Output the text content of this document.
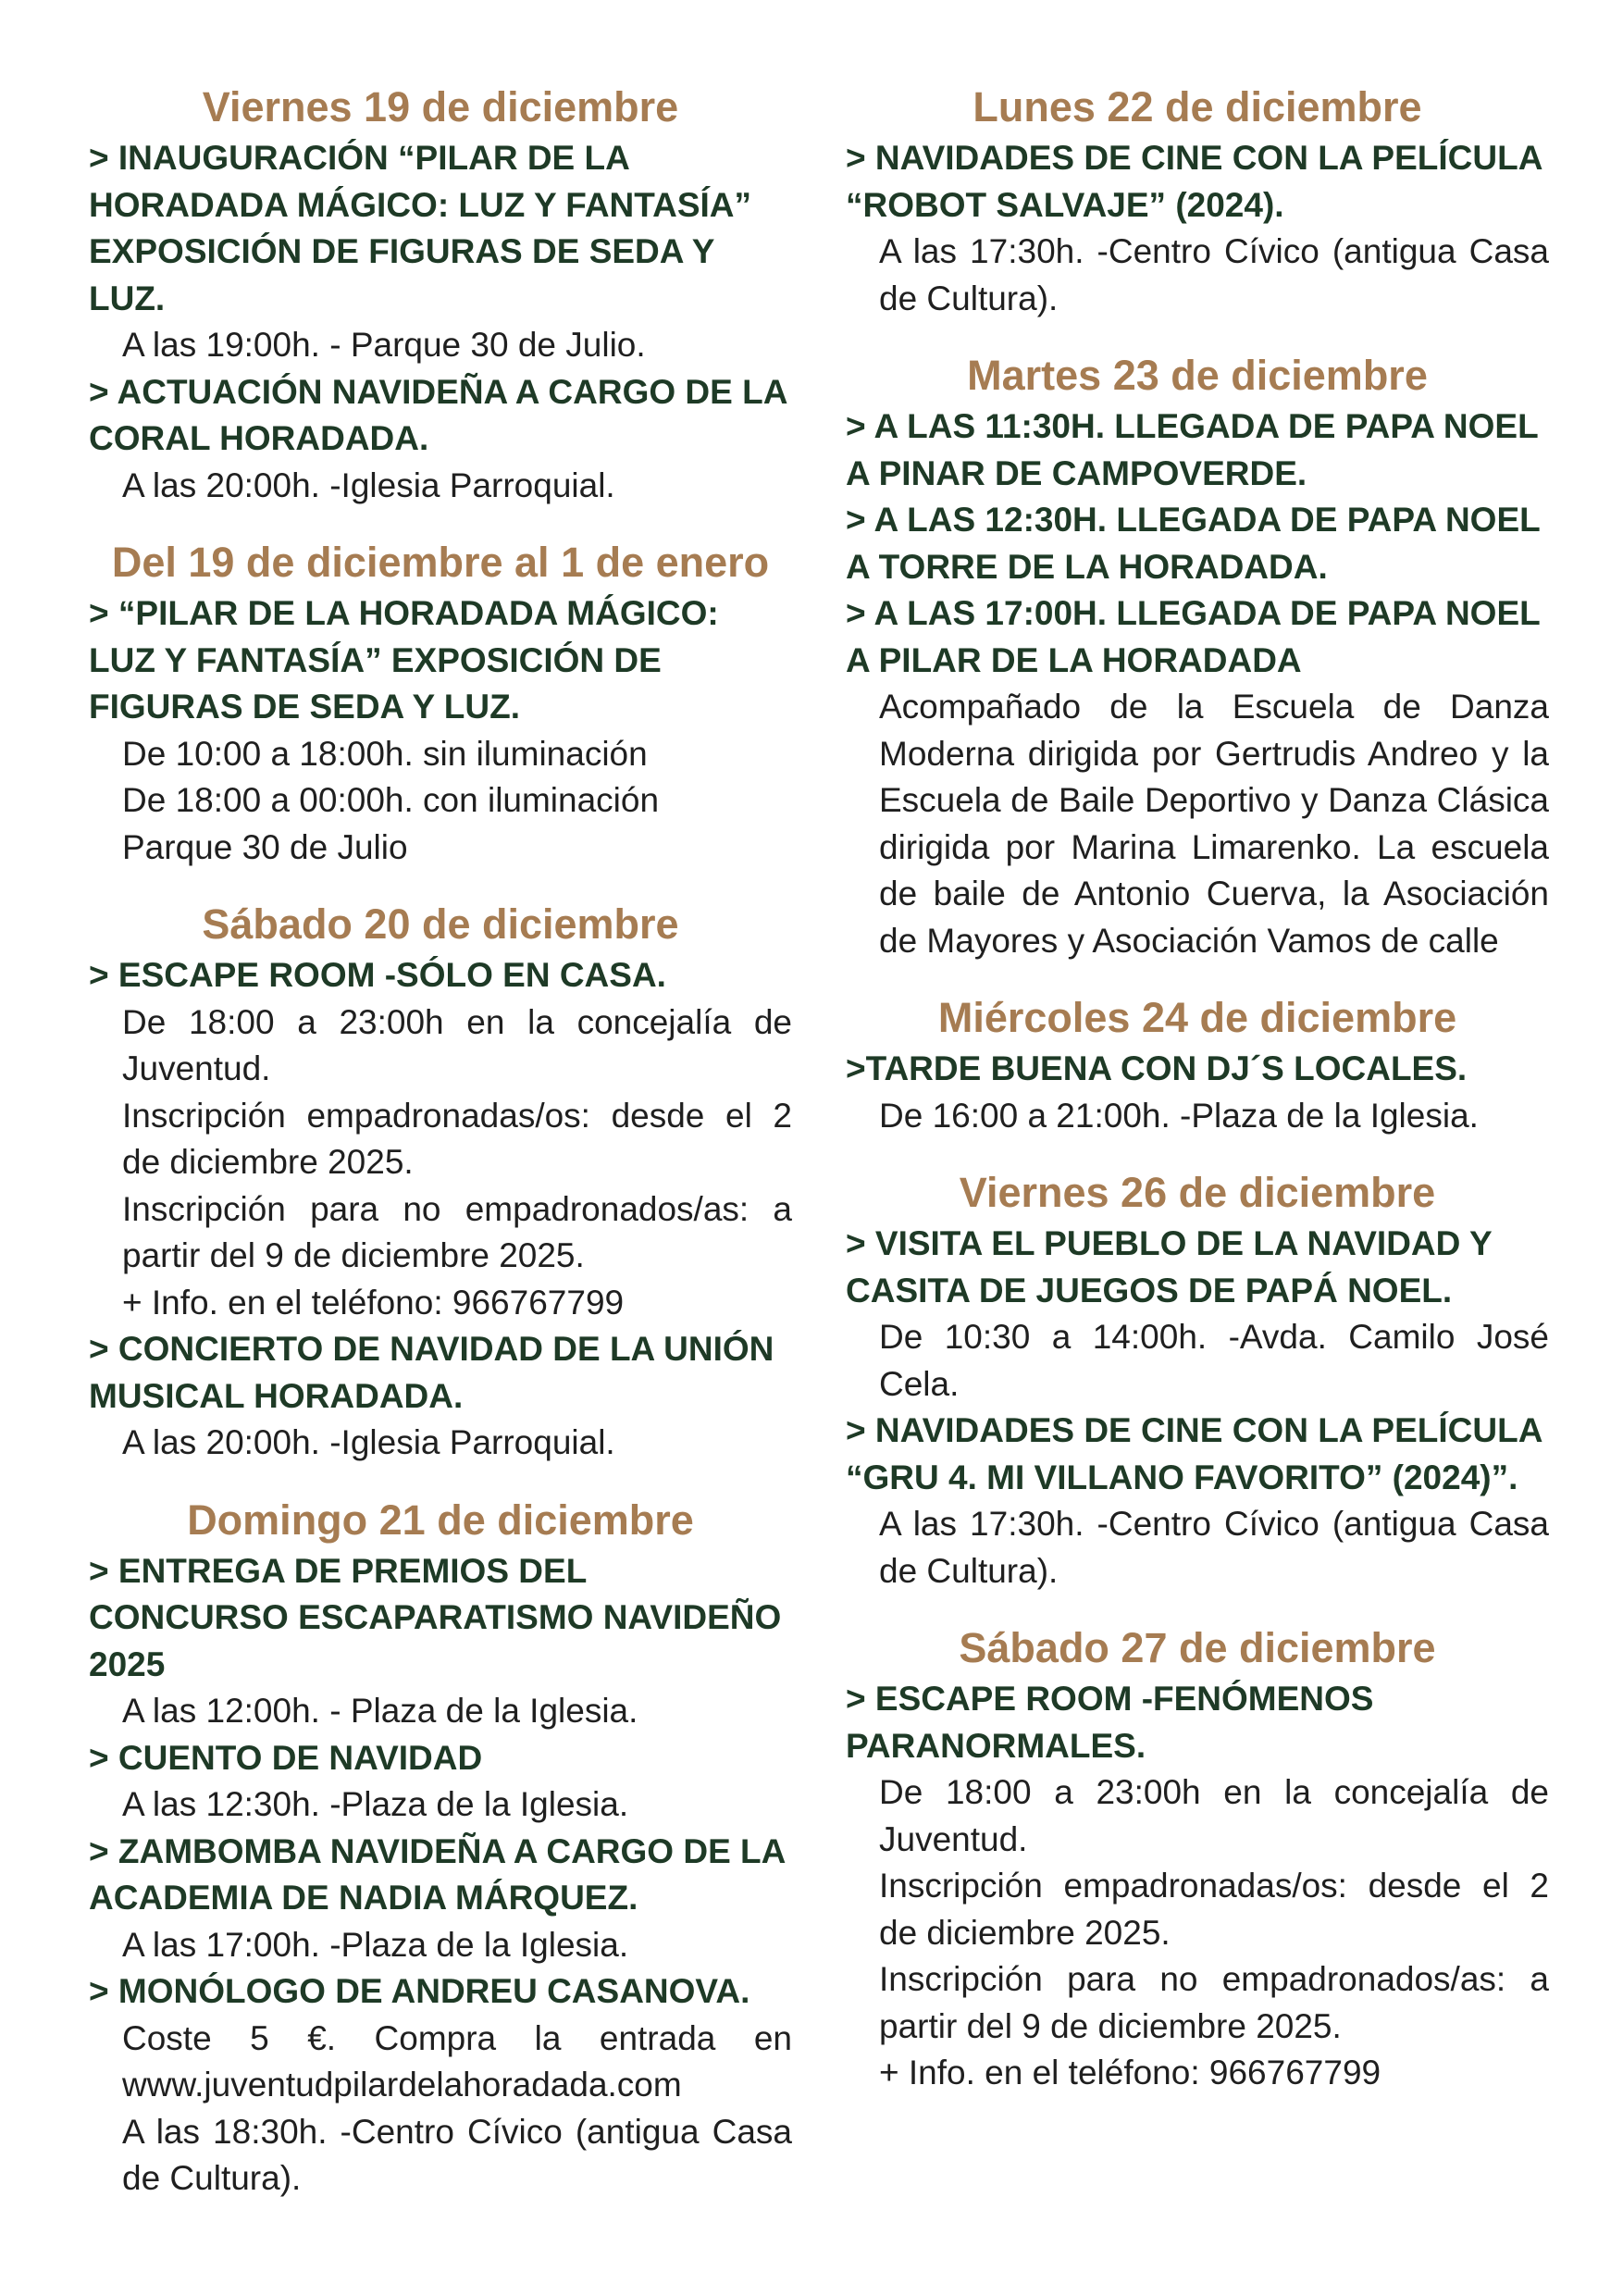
Viernes 19 de diciembre

> INAUGURACIÓN “PILAR DE LA HORADADA MÁGICO: LUZ Y FANTASÍA” EXPOSICIÓN DE FIGURAS DE SEDA Y LUZ.

A las 19:00h. - Parque 30 de Julio.

> ACTUACIÓN NAVIDEÑA A CARGO DE LA CORAL HORADADA.

A las 20:00h. -Iglesia Parroquial.

Del 19 de diciembre al 1 de enero

> “PILAR DE LA HORADADA MÁGICO: LUZ Y FANTASÍA” EXPOSICIÓN DE FIGURAS DE SEDA Y LUZ.

De 10:00 a 18:00h. sin iluminación

De 18:00 a 00:00h. con iluminación

Parque 30 de Julio

Sábado 20 de diciembre

> ESCAPE ROOM -SÓLO EN CASA.

De 18:00 a 23:00h en la concejalía de Juventud.

Inscripción empadronadas/os: desde el 2 de diciembre 2025.

Inscripción para no empadronados/as: a partir del 9 de diciembre 2025.

+ Info. en el teléfono: 966767799

> CONCIERTO DE NAVIDAD DE LA UNIÓN MUSICAL HORADADA.

A las 20:00h. -Iglesia Parroquial.

Domingo 21 de diciembre

> ENTREGA DE PREMIOS DEL CONCURSO ESCAPARATISMO NAVIDEÑO 2025

A las 12:00h. - Plaza de la Iglesia.

> CUENTO DE NAVIDAD

A las 12:30h. -Plaza de la Iglesia.

> ZAMBOMBA NAVIDEÑA A CARGO DE LA ACADEMIA DE NADIA MÁRQUEZ.

A las 17:00h. -Plaza de la Iglesia.

> MONÓLOGO DE ANDREU CASANOVA.

Coste 5 €. Compra la entrada en www.juventudpilardelahoradada.com

A las 18:30h. -Centro Cívico (antigua Casa de Cultura).

Lunes 22 de diciembre

> NAVIDADES DE CINE CON LA PELÍCULA “ROBOT SALVAJE” (2024).

A las 17:30h. -Centro Cívico (antigua Casa de Cultura).

Martes 23 de diciembre

> A LAS 11:30H. LLEGADA DE PAPA NOEL A PINAR DE CAMPOVERDE.

> A LAS 12:30H. LLEGADA DE PAPA NOEL A TORRE DE LA HORADADA.

> A LAS 17:00H. LLEGADA DE PAPA NOEL A PILAR DE LA HORADADA

Acompañado de la Escuela de Danza Moderna dirigida por Gertrudis Andreo y la Escuela de Baile Deportivo y Danza Clásica dirigida por Marina Limarenko. La escuela de baile de Antonio Cuerva, la Asociación de Mayores y Asociación Vamos de calle

Miércoles 24 de diciembre

>TARDE BUENA CON DJ´S LOCALES.

De 16:00 a 21:00h. -Plaza de la Iglesia.

Viernes 26 de diciembre

> VISITA EL PUEBLO DE LA NAVIDAD Y CASITA DE JUEGOS DE PAPÁ NOEL.

De 10:30 a 14:00h. -Avda. Camilo José Cela.

> NAVIDADES DE CINE CON LA PELÍCULA “GRU 4. MI VILLANO FAVORITO” (2024)”.

A las 17:30h. -Centro Cívico (antigua Casa de Cultura).

Sábado 27 de diciembre

> ESCAPE ROOM -FENÓMENOS PARANORMALES.

De 18:00 a 23:00h en la concejalía de Juventud.

Inscripción empadronadas/os: desde el 2 de diciembre 2025.

Inscripción para no empadronados/as: a partir del 9 de diciembre 2025.

+ Info. en el teléfono: 966767799
